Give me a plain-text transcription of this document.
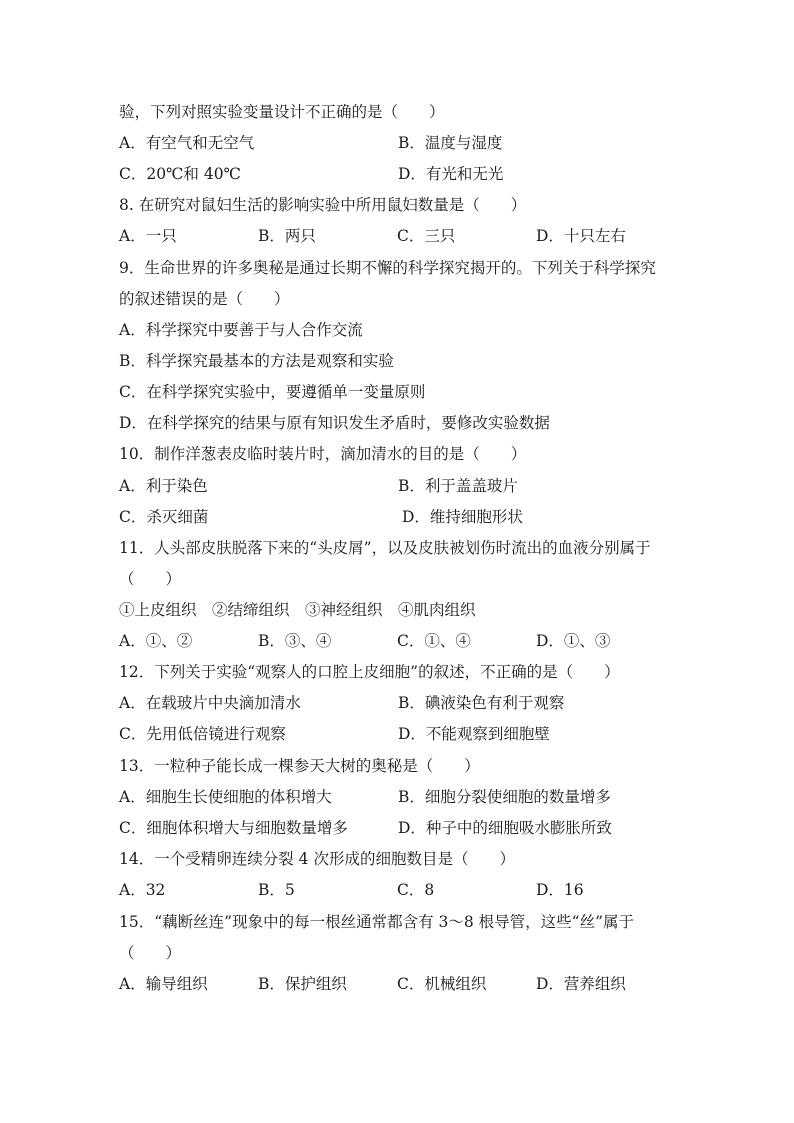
验，下列对照实验变量设计不正确的是（　　）
A．有空气和无空气	B．温度与湿度
C．20℃和 40℃	D．有光和无光
8. 在研究对鼠妇生活的影响实验中所用鼠妇数量是（　　）
A．一只	B．两只	C．三只	D．十只左右
9．生命世界的许多奥秘是通过长期不懈的科学探究揭开的。下列关于科学探究
的叙述错误的是（　　）
A．科学探究中要善于与人合作交流
B．科学探究最基本的方法是观察和实验
C．在科学探究实验中，要遵循单一变量原则
D．在科学探究的结果与原有知识发生矛盾时，要修改实验数据
10．制作洋葱表皮临时装片时，滴加清水的目的是（　　）
A．利于染色	B．利于盖盖玻片
C．杀灭细菌	D．维持细胞形状
11．人头部皮肤脱落下来的“头皮屑”，以及皮肤被划伤时流出的血液分别属于
（　　）
①上皮组织　②结缔组织　③神经组织　④肌肉组织
A．①、②	B．③、④	C．①、④	D．①、③
12．下列关于实验“观察人的口腔上皮细胞”的叙述，不正确的是（　　）
A．在载玻片中央滴加清水	B．碘液染色有利于观察
C．先用低倍镜进行观察	D．不能观察到细胞壁
13．一粒种子能长成一棵参天大树的奥秘是（　　）
A．细胞生长使细胞的体积增大	B．细胞分裂使细胞的数量增多
C．细胞体积增大与细胞数量增多	D．种子中的细胞吸水膨胀所致
14．一个受精卵连续分裂 4 次形成的细胞数目是（　　）
A．32	B．5	C．8	D．16
15．“藕断丝连”现象中的每一根丝通常都含有 3～8 根导管，这些“丝”属于
（　　）
A．输导组织	B．保护组织	C．机械组织	D．营养组织
